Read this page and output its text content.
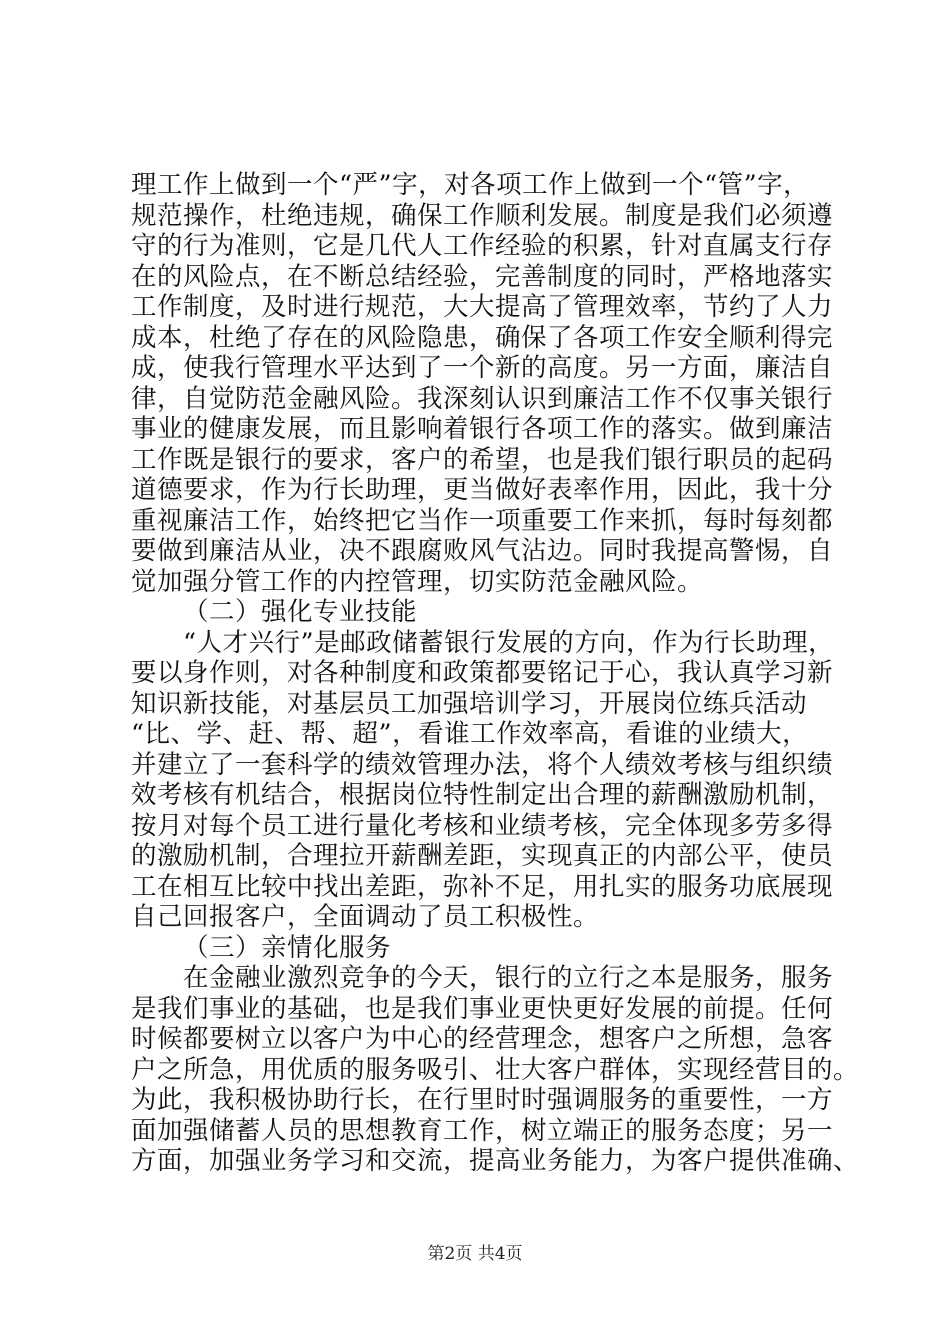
理工作上做到一个“严”字，对各项工作上做到一个“管”字，
规范操作，杜绝违规，确保工作顺利发展。制度是我们必须遵
守的行为准则，它是几代人工作经验的积累，针对直属支行存
在的风险点，在不断总结经验，完善制度的同时，严格地落实
工作制度，及时进行规范，大大提高了管理效率，节约了人力
成本，杜绝了存在的风险隐患，确保了各项工作安全顺利得完
成，使我行管理水平达到了一个新的高度。另一方面，廉洁自
律，自觉防范金融风险。我深刻认识到廉洁工作不仅事关银行
事业的健康发展，而且影响着银行各项工作的落实。做到廉洁
工作既是银行的要求，客户的希望，也是我们银行职员的起码
道德要求，作为行长助理，更当做好表率作用，因此，我十分
重视廉洁工作，始终把它当作一项重要工作来抓，每时每刻都
要做到廉洁从业，决不跟腐败风气沾边。同时我提高警惕，自
觉加强分管工作的内控管理，切实防范金融风险。
（二）强化专业技能
“人才兴行”是邮政储蓄银行发展的方向，作为行长助理，
要以身作则，对各种制度和政策都要铭记于心，我认真学习新
知识新技能，对基层员工加强培训学习，开展岗位练兵活动
“比、学、赶、帮、超”，看谁工作效率高，看谁的业绩大，
并建立了一套科学的绩效管理办法，将个人绩效考核与组织绩
效考核有机结合，根据岗位特性制定出合理的薪酬激励机制，
按月对每个员工进行量化考核和业绩考核，完全体现多劳多得
的激励机制，合理拉开薪酬差距，实现真正的内部公平，使员
工在相互比较中找出差距，弥补不足，用扎实的服务功底展现
自己回报客户，全面调动了员工积极性。
（三）亲情化服务
在金融业激烈竞争的今天，银行的立行之本是服务，服务
是我们事业的基础，也是我们事业更快更好发展的前提。任何
时候都要树立以客户为中心的经营理念，想客户之所想，急客
户之所急，用优质的服务吸引、壮大客户群体，实现经营目的。
为此，我积极协助行长，在行里时时强调服务的重要性，一方
面加强储蓄人员的思想教育工作，树立端正的服务态度；另一
方面，加强业务学习和交流，提高业务能力，为客户提供准确、
第2页 共4页
